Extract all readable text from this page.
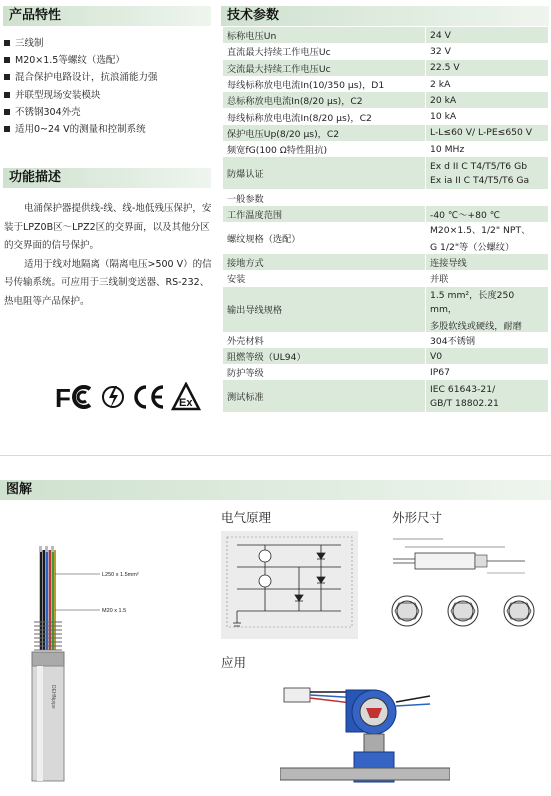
产品特性	技术参数
三线制
M20×1.5等螺纹（选配）
混合保护电路设计，抗浪涌能力强
并联型现场安装模块
不锈钢304外壳
适用0~24 V的测量和控制系统
功能描述

电涌保护器提供线-线、线-地低残压保护，安装于LPZ0B区～LPZ2区的交界面，以及其他分区的交界面的信号保护。

适用于线对地隔离（隔离电压>500 V）的信号传输系统。可应用于三线制变送器、RS-232、热电阻等产品保护。

F	Ex
标称电压Un	24 V

直流最大持续工作电压Uc	32 V

交流最大持续工作电压Uc	22.5 V

每线标称放电电流In(10/350 μs)，D1	2 kA

总标称放电电流In(8/20 μs)，C2	20 kA

每线标称放电电流In(8/20 μs)，C2	10 kA

保护电压Up(8/20 μs)，C2	L-L≤60 V/ L-PE≤650 V

频宽fG(100 Ω特性阻抗)	10 MHz

防爆认证	Ex d II C T4/T5/T6 Gb
Ex ia II C T4/T5/T6 Ga

一般参数	

工作温度范围	-40 ℃～+80 ℃

螺纹规格（选配）	M20×1.5、1/2" NPT、
G 1/2"等（公螺纹）

接地方式	连接导线

安装	并联

输出导线规格	1.5 mm²，长度250 mm，
多股软线或硬线，耐磨

外壳材料	304不锈钢

阻燃等级（UL94）	V0

防护等级	IP67

测试标准	IEC 61643-21/
GB/T 18802.21
图解
L250 x 1.5mm²
M20 x 1.5
DEHNpipe
电气原理	外形尺寸
应用
